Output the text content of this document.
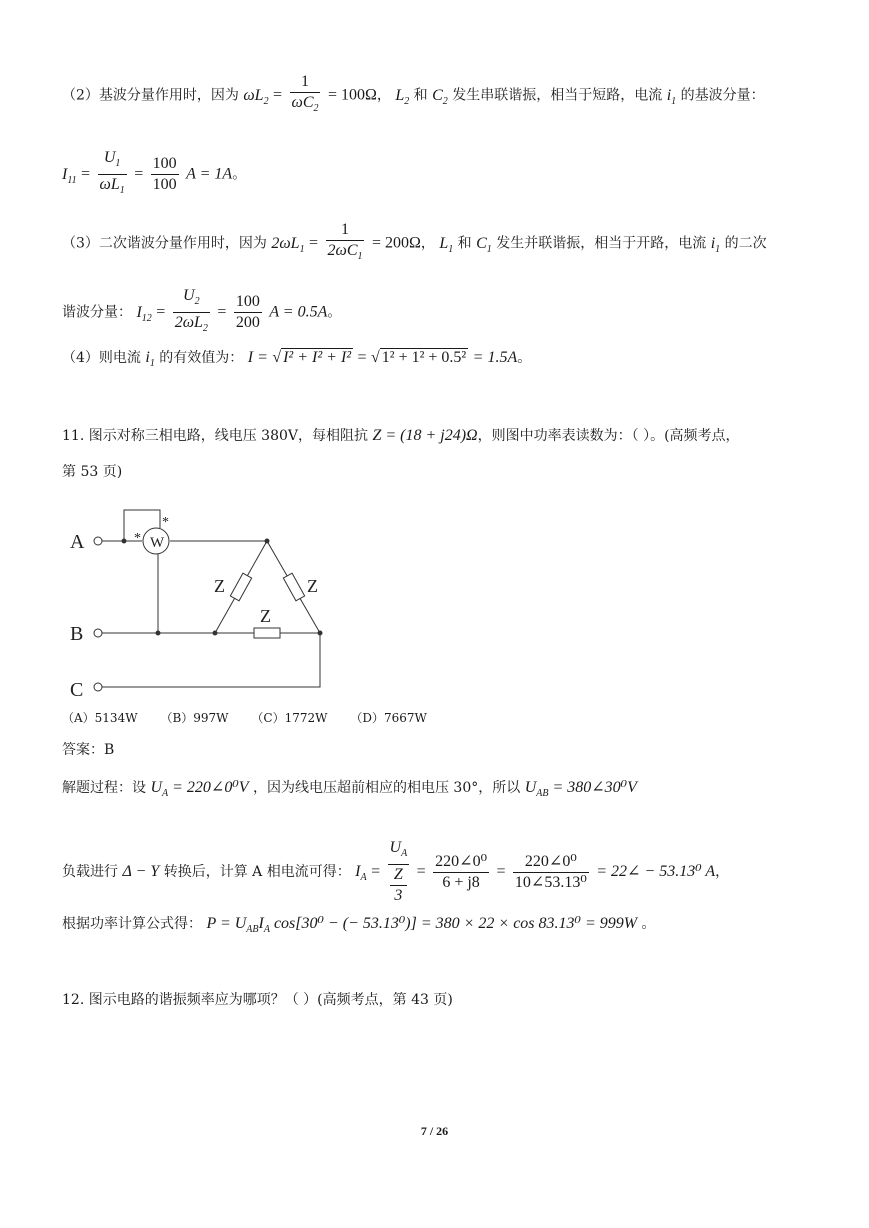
（2）基波分量作用时，因为 $\omega L_2 = \frac{1}{\omega C_2} = 100\Omega$， $L_2$ 和 $C_2$ 发生串联谐振，相当于短路，电流 $i_1$ 的基波分量：
$I_{11} = \frac{U_1}{\omega L_1} = \frac{100}{100}$ A = 1A。
（3）二次谐波分量作用时，因为 $2\omega L_1 = \frac{1}{2\omega C_1} = 200\Omega$， $L_1$ 和 $C_1$ 发生并联谐振，相当于开路，电流 $i_1$ 的二次
谐波分量： $I_{12} = \frac{U_2}{2\omega L_2} = \frac{100}{200}$ A = 0.5A。
（4）则电流 $i_1$ 的有效值为： I = √ I² + I² + I² = √ 1² + 1² + 0.5² = 1.5A。
11. 图示对称三相电路，线电压 380V，每相阻抗 Z = (18 + j24)Ω，则图中功率表读数为：（ ）。(高频考点，
第 53 页)
A
B
C
W
*
*
Z	Z
Z
（A）5134W （B）997W （C）1772W （D）7667W
答案：B
解题过程：设 $U_A$ = 220∠0⁰V ，因为线电压超前相应的相电压 30°，所以 $U_{AB}$ = 380∠30⁰V
负载进行 Δ − Y 转换后，计算 A 相电流可得： $I_A = U_A$
Z
$3 = \frac{\text{220∠0⁰}}{6 + j8} = \frac{\text{220∠0⁰}}{\text{10∠53.13⁰}}$ = 22∠ − 53.13⁰ A，
根据功率计算公式得： $P = U_{AB}I_A$ cos[30⁰ − (− 53.13⁰)] = 380 × 22 × cos 83.13⁰ = 999W 。
12. 图示电路的谐振频率应为哪项？（ ）(高频考点，第 43 页)
7 / 26
